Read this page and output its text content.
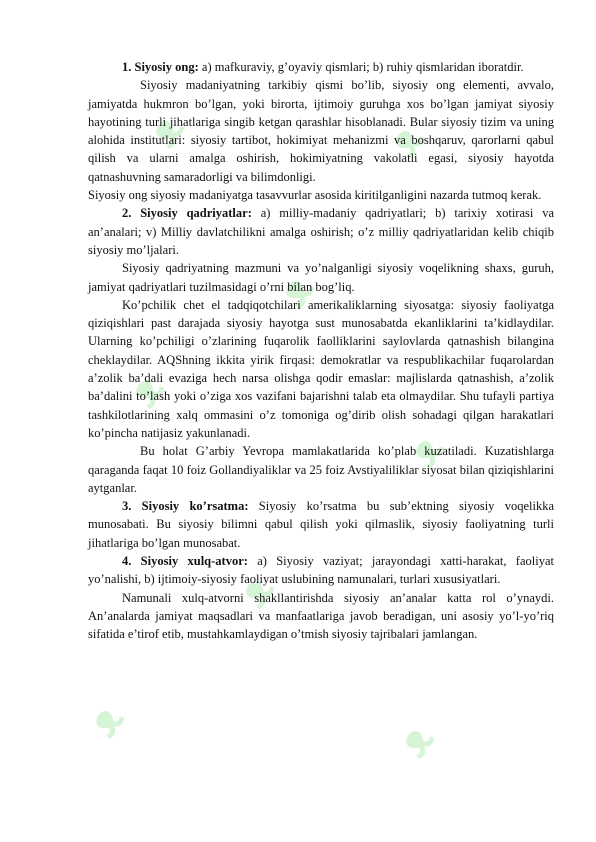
ᴥ	ᴥ
ᴥ
ᴥ
ᴥ
ᴥ
ᴥ	ᴥ

1. Siyosiy ong: a) mafkuraviy, g’oyaviy qismlari; b) ruhiy qismlaridan iboratdir.

Siyosiy madaniyatning tarkibiy qismi bo’lib, siyosiy ong elementi, avvalo, jamiyatda hukmron bo’lgan, yoki birorta, ijtimoiy guruhga xos bo’lgan jamiyat siyosiy hayotining turli jihatlariga singib ketgan qarashlar hisoblanadi. Bular siyosiy tizim va uning alohida institutlari: siyosiy tartibot, hokimiyat mehanizmi va boshqaruv, qarorlarni qabul qilish va ularni amalga oshirish, hokimiyatning vakolatli egasi, siyosiy hayotda qatnashuvning samaradorligi va bilimdonligi.

Siyosiy ong siyosiy madaniyatga tasavvurlar asosida kiritilganligini nazarda tutmoq kerak.

2. Siyosiy qadriyatlar: a) milliy-madaniy qadriyatlari; b) tarixiy xotirasi va an’analari; v) Milliy davlatchilikni amalga oshirish; o’z milliy qadriyatlaridan kelib chiqib siyosiy mo’ljalari.

Siyosiy qadriyatning mazmuni va yo’nalganligi siyosiy voqelikning shaxs, guruh, jamiyat qadriyatlari tuzilmasidagi o’rni bilan bog’liq.

Ko’pchilik chet el tadqiqotchilari amerikaliklarning siyosatga: siyosiy faoliyatga qiziqishlari past darajada siyosiy hayotga sust munosabatda ekanliklarini ta’kidlaydilar. Ularning ko’pchiligi o’zlarining fuqarolik faolliklarini saylovlarda qatnashish bilangina cheklaydilar. AQShning ikkita yirik firqasi: demokratlar va respublikachilar fuqarolardan a’zolik ba’dali evaziga hech narsa olishga qodir emaslar: majlislarda qatnashish, a’zolik ba’dalini to’lash yoki o’ziga xos vazifani bajarishni talab eta olmaydilar. Shu tufayli partiya tashkilotlarining xalq ommasini o’z tomoniga og’dirib olish sohadagi qilgan harakatlari ko’pincha natijasiz yakunlanadi.

Bu holat G’arbiy Yevropa mamlakatlarida ko’plab kuzatiladi. Kuzatishlarga qaraganda faqat 10 foiz Gollandiyaliklar va 25 foiz Avstiyaliliklar siyosat bilan qiziqishlarini aytganlar.

3. Siyosiy ko’rsatma: Siyosiy ko’rsatma bu sub’ektning siyosiy voqelikka munosabati. Bu siyosiy bilimni qabul qilish yoki qilmaslik, siyosiy faoliyatning turli jihatlariga bo’lgan munosabat.

4. Siyosiy xulq-atvor: a) Siyosiy vaziyat; jarayondagi xatti-harakat, faoliyat yo’nalishi, b) ijtimoiy-siyosiy faoliyat uslubining namunalari, turlari xususiyatlari.

Namunali xulq-atvorni shakllantirishda siyosiy an’analar katta rol o’ynaydi. An’analarda jamiyat maqsadlari va manfaatlariga javob beradigan, uni asosiy yo’l-yo’riq sifatida e’tirof etib, mustahkamlaydigan o’tmish siyosiy tajribalari jamlangan.
